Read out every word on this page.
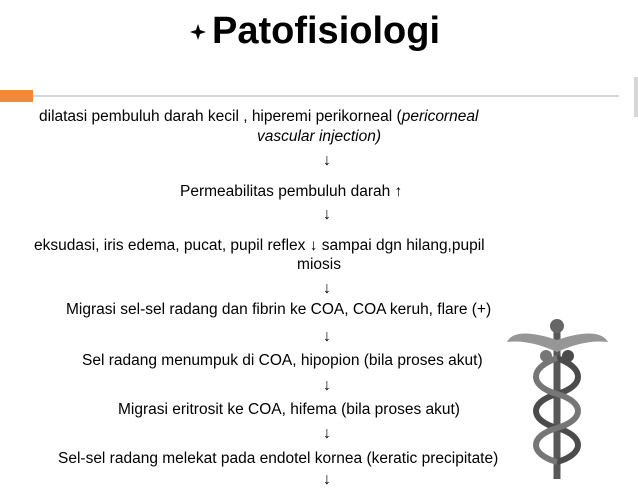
Patofisiologi
dilatasi pembuluh darah kecil , hiperemi perikorneal (pericorneal
vascular injection)
↓
Permeabilitas pembuluh darah ↑
↓
eksudasi, iris edema, pucat, pupil reflex ↓ sampai dgn hilang,pupil
miosis
↓
Migrasi sel-sel radang dan fibrin ke COA, COA keruh, flare (+)
↓
Sel radang menumpuk di COA, hipopion (bila proses akut)
↓
Migrasi eritrosit ke COA, hifema (bila proses akut)
↓
Sel-sel radang melekat pada endotel kornea (keratic precipitate)
↓
